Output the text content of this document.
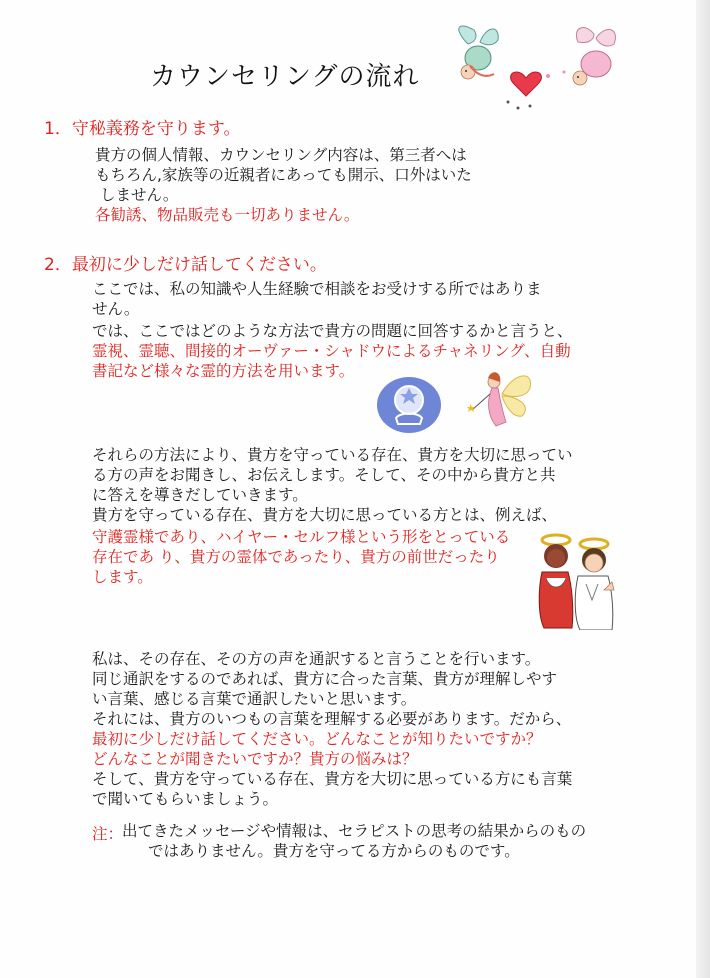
カウンセリングの流れ
1．守秘義務を守ります。
貴方の個人情報、カウンセリング内容は、第三者へは
もちろん,家族等の近親者にあっても開示、口外はいた
しません。
各勧誘、物品販売も一切ありません。
2．最初に少しだけ話してください。
ここでは、私の知識や人生経験で相談をお受けする所ではありま
せん。
では、ここではどのような方法で貴方の問題に回答するかと言うと、
霊視、霊聴、間接的オーヴァー・シャドウによるチャネリング、自動
書記など様々な霊的方法を用います。
それらの方法により、貴方を守っている存在、貴方を大切に思ってい
る方の声をお聞きし、お伝えします。そして、その中から貴方と共
に答えを導きだしていきます。
貴方を守っている存在、貴方を大切に思っている方とは、例えば、
守護霊様であり、ハイヤー・セルフ様という形をとっている
存在であ り、貴方の霊体であったり、貴方の前世だったり
します。
私は、その存在、その方の声を通訳すると言うことを行います。
同じ通訳をするのであれば、貴方に合った言葉、貴方が理解しやす
い言葉、感じる言葉で通訳したいと思います。
それには、貴方のいつもの言葉を理解する必要があります。だから、
最初に少しだけ話してください。どんなことが知りたいですか？
どんなことが聞きたいですか？貴方の悩みは？
そして、貴方を守っている存在、貴方を大切に思っている方にも言葉
で聞いてもらいましょう。
注：
出てきたメッセージや情報は、セラピストの思考の結果からのもの
ではありません。貴方を守ってる方からのものです。
